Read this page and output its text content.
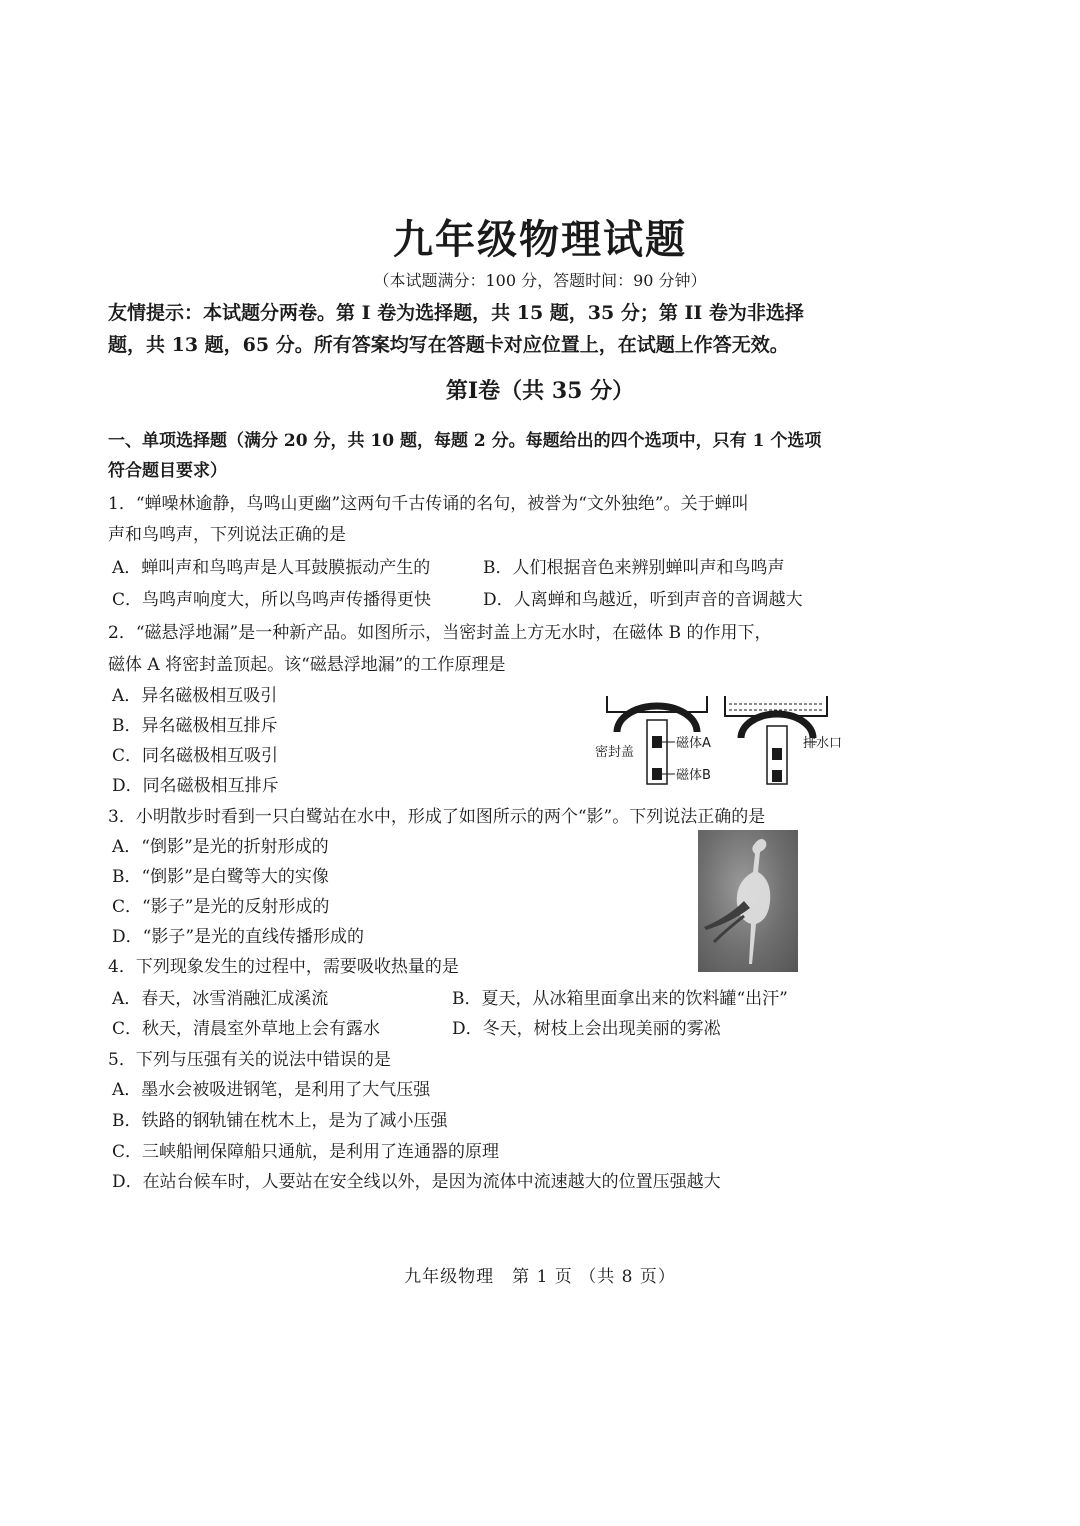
九年级物理试题
（本试题满分：100 分，答题时间：90 分钟）
友情提示：本试题分两卷。第 I 卷为选择题，共 15 题，35 分；第 II 卷为非选择
题，共 13 题，65 分。所有答案均写在答题卡对应位置上，在试题上作答无效。
第Ⅰ卷（共 35 分）
一、单项选择题（满分 20 分，共 10 题，每题 2 分。每题给出的四个选项中，只有 1 个选项
符合题目要求）
1．“蝉噪林逾静，鸟鸣山更幽”这两句千古传诵的名句，被誉为“文外独绝”。关于蝉叫
声和鸟鸣声，下列说法正确的是
A．蝉叫声和鸟鸣声是人耳鼓膜振动产生的	B．人们根据音色来辨别蝉叫声和鸟鸣声
C．鸟鸣声响度大，所以鸟鸣声传播得更快	D．人离蝉和鸟越近，听到声音的音调越大
2．“磁悬浮地漏”是一种新产品。如图所示，当密封盖上方无水时，在磁体 B 的作用下，
磁体 A 将密封盖顶起。该“磁悬浮地漏”的工作原理是
A．异名磁极相互吸引
B．异名磁极相互排斥
C．同名磁极相互吸引
D．同名磁极相互排斥
密封盖
磁体A
磁体B
排水口
3．小明散步时看到一只白鹭站在水中，形成了如图所示的两个“影”。下列说法正确的是
A．“倒影”是光的折射形成的
B．“倒影”是白鹭等大的实像
C．“影子”是光的反射形成的
D．“影子”是光的直线传播形成的
4．下列现象发生的过程中，需要吸收热量的是
A．春天，冰雪消融汇成溪流	B．夏天，从冰箱里面拿出来的饮料罐“出汗”
C．秋天，清晨室外草地上会有露水	D．冬天，树枝上会出现美丽的雾凇
5．下列与压强有关的说法中错误的是
A．墨水会被吸进钢笔，是利用了大气压强
B．铁路的钢轨铺在枕木上，是为了减小压强
C．三峡船闸保障船只通航，是利用了连通器的原理
D．在站台候车时，人要站在安全线以外，是因为流体中流速越大的位置压强越大
九年级物理　第 1 页 （共 8 页）
